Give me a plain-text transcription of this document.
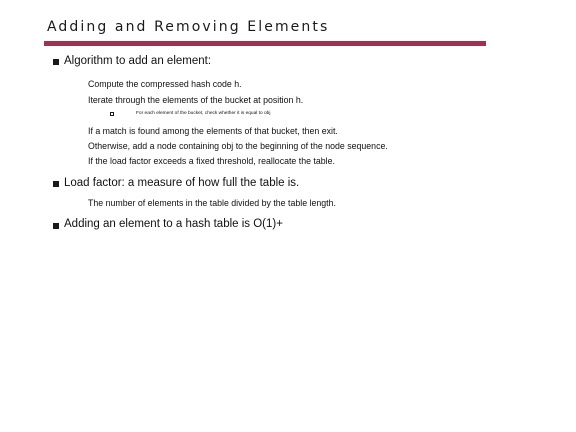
Adding and Removing Elements
Algorithm to add an element:
Compute the compressed hash code h.
Iterate through the elements of the bucket at position h.
For each element of the bucket, check whether it is equal to obj
If a match is found among the elements of that bucket, then exit.
Otherwise, add a node containing obj to the beginning of the node sequence.
If the load factor exceeds a fixed threshold, reallocate the table.
Load factor: a measure of how full the table is.
The number of elements in the table divided by the table length.
Adding an element to a hash table is O(1)+
